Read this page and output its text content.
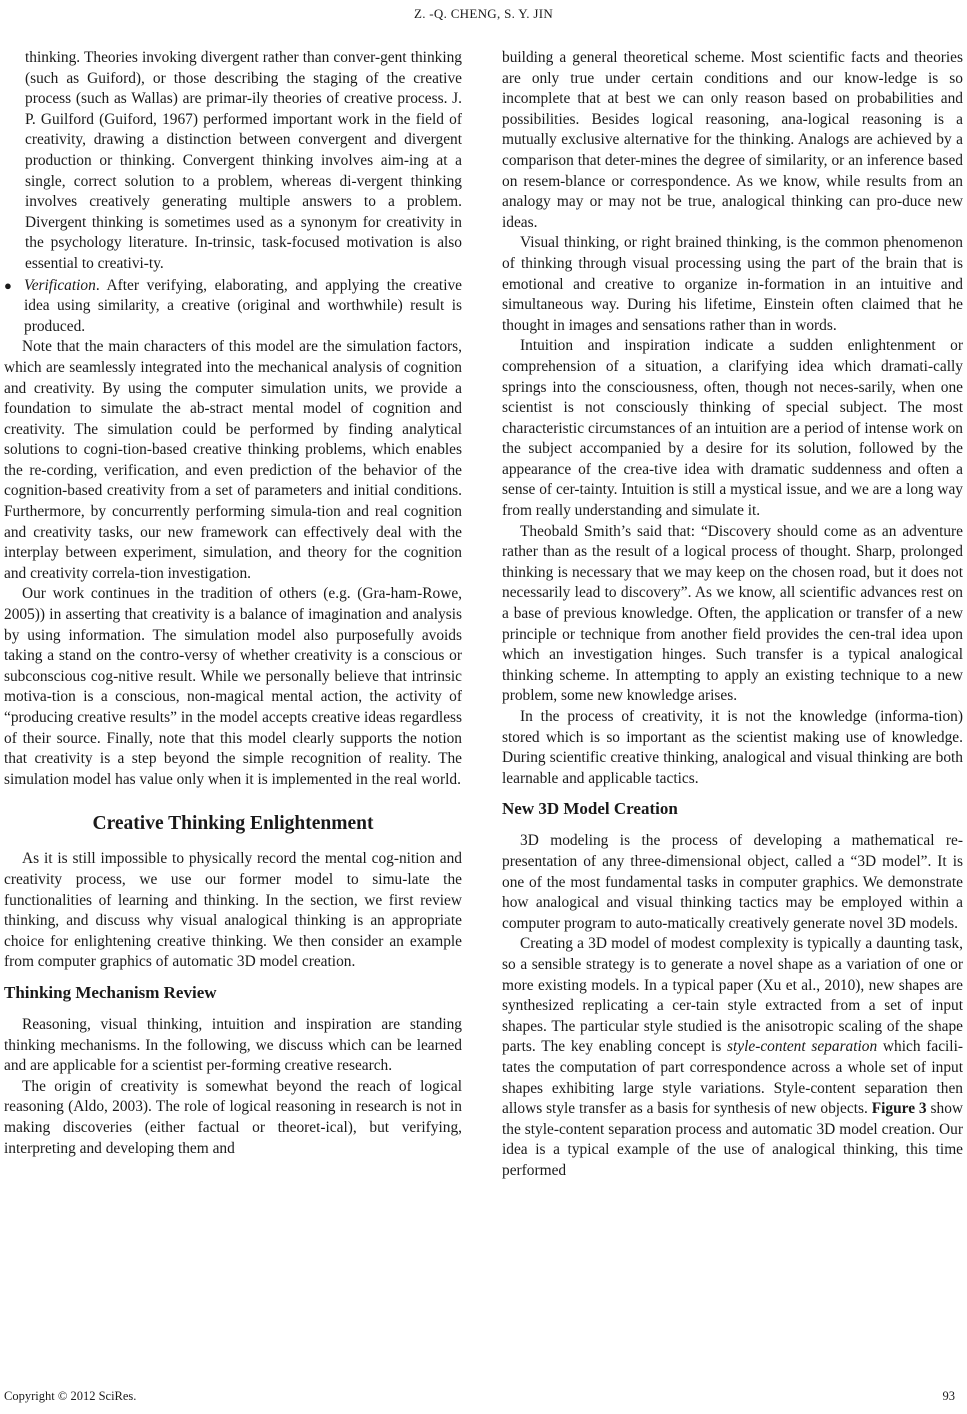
Z. -Q. CHENG, S. Y. JIN

thinking. Theories invoking divergent rather than conver-gent thinking (such as Guiford), or those describing the staging of the creative process (such as Wallas) are primar-ily theories of creative process. J. P. Guilford (Guiford, 1967) performed important work in the field of creativity, drawing a distinction between convergent and divergent production or thinking. Convergent thinking involves aim-ing at a single, correct solution to a problem, whereas di-vergent thinking involves creatively generating multiple answers to a problem. Divergent thinking is sometimes used as a synonym for creativity in the psychology literature. In-trinsic, task-focused motivation is also essential to creativi-ty.

● Verification. After verifying, elaborating, and applying the creative idea using similarity, a creative (original and worthwhile) result is produced.

Note that the main characters of this model are the simulation factors, which are seamlessly integrated into the mechanical analysis of cognition and creativity. By using the computer simulation units, we provide a foundation to simulate the ab-stract mental model of cognition and creativity. The simulation could be performed by finding analytical solutions to cogni-tion-based creative thinking problems, which enables the re-cording, verification, and even prediction of the behavior of the cognition-based creativity from a set of parameters and initial conditions. Furthermore, by concurrently performing simula-tion and real cognition and creativity tasks, our new framework can effectively deal with the interplay between experiment, simulation, and theory for the cognition and creativity correla-tion investigation.

Our work continues in the tradition of others (e.g. (Gra-ham-Rowe, 2005)) in asserting that creativity is a balance of imagination and analysis by using information. The simulation model also purposefully avoids taking a stand on the contro-versy of whether creativity is a conscious or subconscious cog-nitive result. While we personally believe that intrinsic motiva-tion is a conscious, non-magical mental action, the activity of “producing creative results” in the model accepts creative ideas regardless of their source. Finally, note that this model clearly supports the notion that creativity is a step beyond the simple recognition of reality. The simulation model has value only when it is implemented in the real world.

Creative Thinking Enlightenment

As it is still impossible to physically record the mental cog-nition and creativity process, we use our former model to simu-late the functionalities of learning and thinking. In the section, we first review thinking, and discuss why visual analogical thinking is an appropriate choice for enlightening creative thinking. We then consider an example from computer graphics of automatic 3D model creation.

Thinking Mechanism Review

Reasoning, visual thinking, intuition and inspiration are standing thinking mechanisms. In the following, we discuss which can be learned and are applicable for a scientist per-forming creative research.

The origin of creativity is somewhat beyond the reach of logical reasoning (Aldo, 2003). The role of logical reasoning in research is not in making discoveries (either factual or theoret-ical), but verifying, interpreting and developing them and

building a general theoretical scheme. Most scientific facts and theories are only true under certain conditions and our know-ledge is so incomplete that at best we can only reason based on probabilities and possibilities. Besides logical reasoning, ana-logical reasoning is a mutually exclusive alternative for the thinking. Analogs are achieved by a comparison that deter-mines the degree of similarity, or an inference based on resem-blance or correspondence. As we know, while results from an analogy may or may not be true, analogical thinking can pro-duce new ideas.

Visual thinking, or right brained thinking, is the common phenomenon of thinking through visual processing using the part of the brain that is emotional and creative to organize in-formation in an intuitive and simultaneous way. During his lifetime, Einstein often claimed that he thought in images and sensations rather than in words.

Intuition and inspiration indicate a sudden enlightenment or comprehension of a situation, a clarifying idea which dramati-cally springs into the consciousness, often, though not neces-sarily, when one scientist is not consciously thinking of special subject. The most characteristic circumstances of an intuition are a period of intense work on the subject accompanied by a desire for its solution, followed by the appearance of the crea-tive idea with dramatic suddenness and often a sense of cer-tainty. Intuition is still a mystical issue, and we are a long way from really understanding and simulate it.

Theobald Smith’s said that: “Discovery should come as an adventure rather than as the result of a logical process of thought. Sharp, prolonged thinking is necessary that we may keep on the chosen road, but it does not necessarily lead to discovery”. As we know, all scientific advances rest on a base of previous knowledge. Often, the application or transfer of a new principle or technique from another field provides the cen-tral idea upon which an investigation hinges. Such transfer is a typical analogical thinking scheme. In attempting to apply an existing technique to a new problem, some new knowledge arises.

In the process of creativity, it is not the knowledge (informa-tion) stored which is so important as the scientist making use of knowledge. During scientific creative thinking, analogical and visual thinking are both learnable and applicable tactics.

New 3D Model Creation

3D modeling is the process of developing a mathematical re-presentation of any three-dimensional object, called a “3D model”. It is one of the most fundamental tasks in computer graphics. We demonstrate how analogical and visual thinking tactics may be employed within a computer program to auto-matically creatively generate novel 3D models.

Creating a 3D model of modest complexity is typically a daunting task, so a sensible strategy is to generate a novel shape as a variation of one or more existing models. In a typical paper (Xu et al., 2010), new shapes are synthesized replicating a cer-tain style extracted from a set of input shapes. The particular style studied is the anisotropic scaling of the shape parts. The key enabling concept is style-content separation which facili-tates the computation of part correspondence across a whole set of input shapes exhibiting large style variations. Style-content separation then allows style transfer as a basis for synthesis of new objects. Figure 3 show the style-content separation process and automatic 3D model creation. Our idea is a typical example of the use of analogical thinking, this time performed

Copyright © 2012 SciRes.	93
